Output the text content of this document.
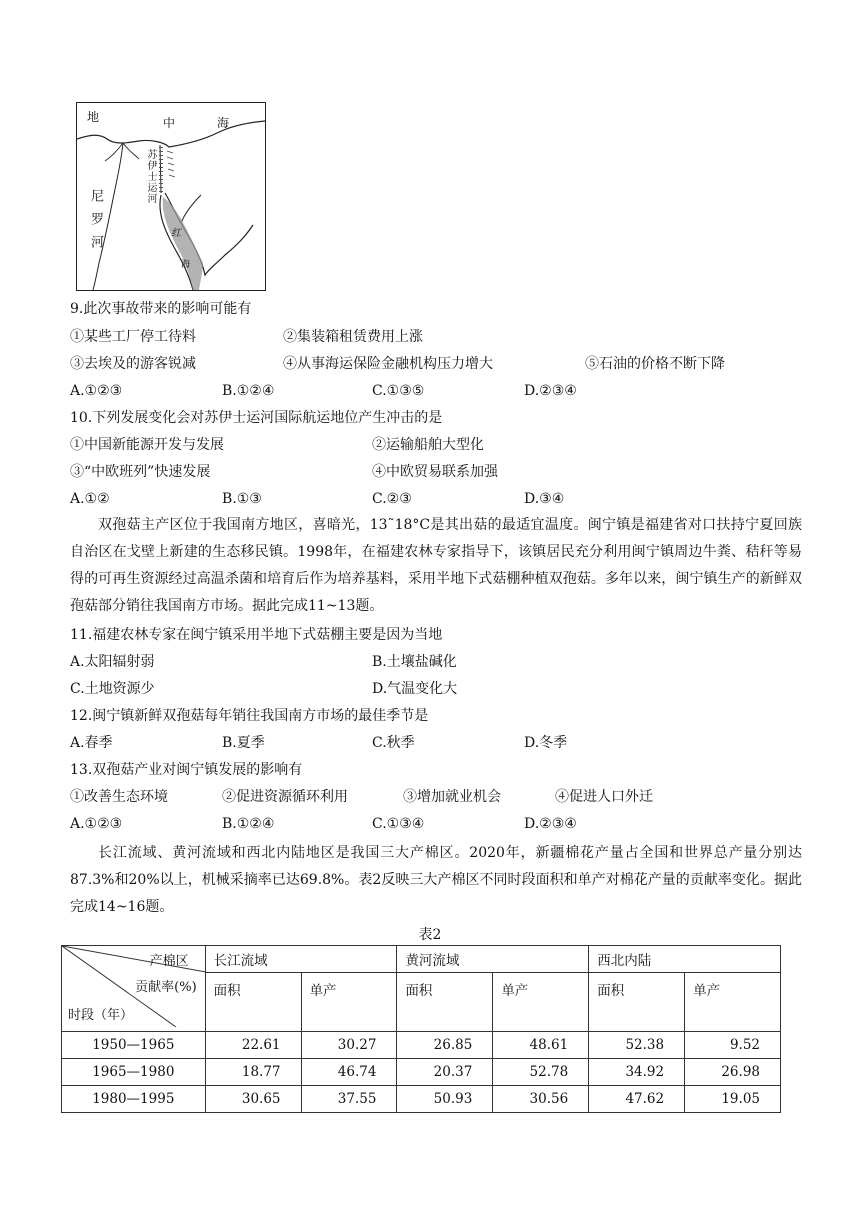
地	中	海
苏伊士运河
尼罗河	红
海
9.此次事故带来的影响可能有
①某些工厂停工待料	②集装箱租赁费用上涨
③去埃及的游客锐减	④从事海运保险金融机构压力增大	⑤石油的价格不断下降
A.①②③	B.①②④	C.①③⑤	D.②③④
10.下列发展变化会对苏伊士运河国际航运地位产生冲击的是
①中国新能源开发与发展	②运输船舶大型化
③“中欧班列”快速发展	④中欧贸易联系加强
A.①②	B.①③	C.②③	D.③④
双孢菇主产区位于我国南方地区，喜暗光，13˜18°C是其出菇的最适宜温度。闽宁镇是福建省对口扶持宁夏回族自治区在戈壁上新建的生态移民镇。1998年，在福建农林专家指导下，该镇居民充分利用闽宁镇周边牛粪、秸秆等易得的可再生资源经过高温杀菌和培育后作为培养基料，采用半地下式菇棚种植双孢菇。多年以来，闽宁镇生产的新鲜双孢菇部分销往我国南方市场。据此完成11~13题。
11.福建农林专家在闽宁镇采用半地下式菇棚主要是因为当地
A.太阳辐射弱	B.土壤盐碱化
C.土地资源少	D.气温变化大
12.闽宁镇新鲜双孢菇每年销往我国南方市场的最佳季节是
A.春季	B.夏季	C.秋季	D.冬季
13.双孢菇产业对闽宁镇发展的影响有
①改善生态环境	②促进资源循环利用	③增加就业机会	④促进人口外迁
A.①②③	B.①②④	C.①③④	D.②③④
长江流域、黄河流域和西北内陆地区是我国三大产棉区。2020年，新疆棉花产量占全国和世界总产量分别达87.3%和20%以上，机械采摘率已达69.8%。表2反映三大产棉区不同时段面积和单产对棉花产量的贡献率变化。据此完成14~16题。
表2
产棉区
贡献率(%)
时段（年）	长江流域		黄河流域		西北内陆	
	面积	单产	面积	单产	面积	单产
1950—1965	22.61	30.27	26.85	48.61	52.38	9.52
1965—1980	18.77	46.74	20.37	52.78	34.92	26.98
1980—1995	30.65	37.55	50.93	30.56	47.62	19.05
